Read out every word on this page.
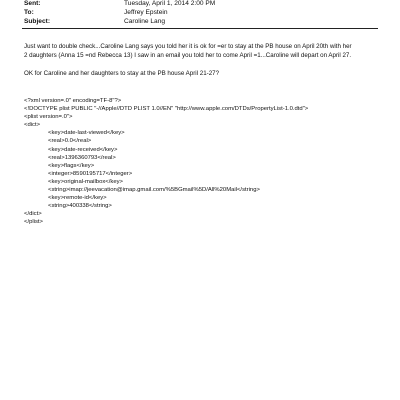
Sent:	Tuesday, April 1, 2014 2:00 PM
To:	Jeffrey Epstein
Subject:	Caroline Lang
Just want to double check...Caroline Lang says you told her it is ok for =er to stay at the PB house on April 20th with her
2 daughters (Anna 15 =nd Rebecca 13) I saw in an email you told her to come April =1...Caroline will depart on April 27.
OK for Caroline and her daughters to stay at the PB house April 21-27?
<?xml version=.0" encoding=TF-8"?>
<!DOCTYPE plist PUBLIC "-//Apple//DTD PLIST 1.0//EN" "http://www.apple.com/DTDs/PropertyList-1.0.dtd">
<plist version=.0">
<dict>
<key>date-last-viewed</key>
<real>0.0</real>
<key>date-received</key>
<real>1396360793</real>
<key>flags</key>
<integer>8590195717</integer>
<key>original-mailbox</key>
<string>imap://jeevacation@imap.gmail.com/%5BGmail%5D/All%20Mail</string>
<key>remote-id</key>
<string>400338</string>
</dict>
</plist>
